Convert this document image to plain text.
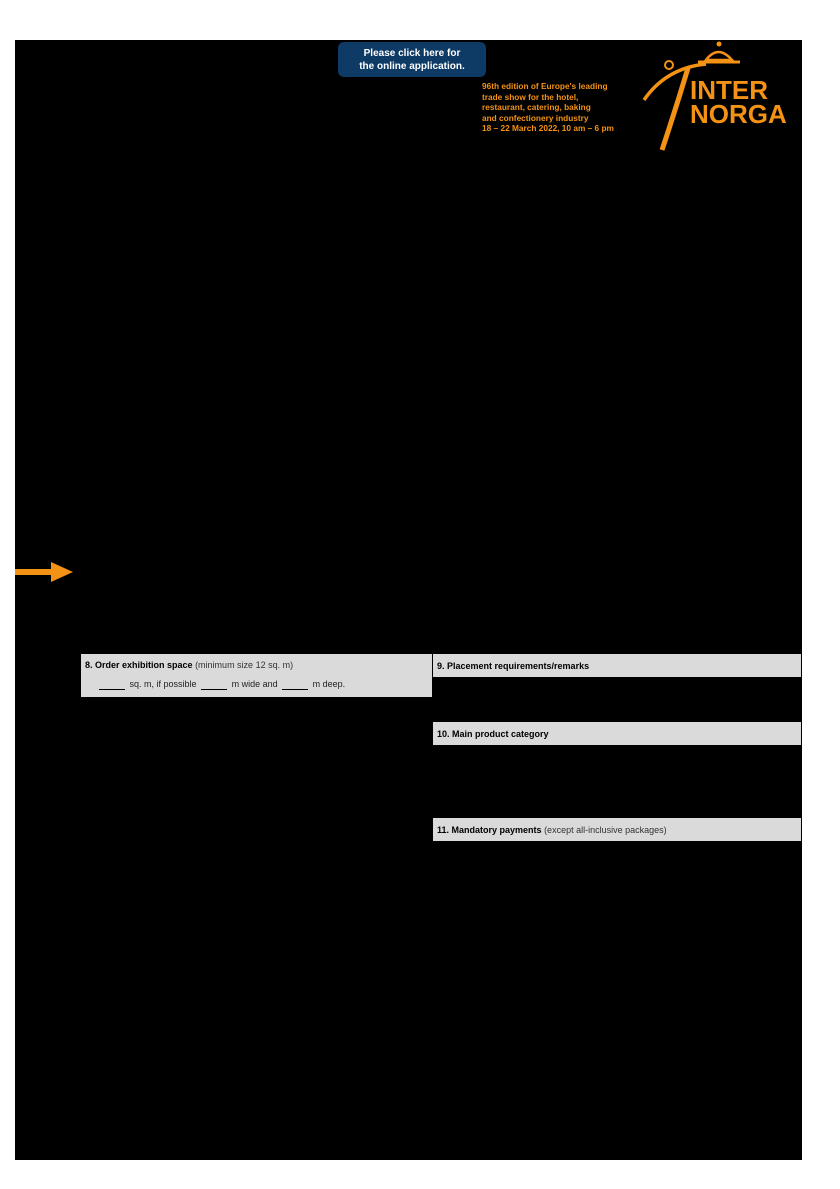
Please click here for
the online application.
96th edition of Europe's leading
trade show for the hotel,
restaurant, catering, baking
and confectionery industry
18 – 22 March 2022, 10 am – 6 pm
INTER
NORGA
8. Order exhibition space (minimum size 12 sq. m)
sq. m, if possible	m wide and	m deep.
9. Placement requirements/remarks
10. Main product category
11. Mandatory payments
(except all-inclusive packages)
